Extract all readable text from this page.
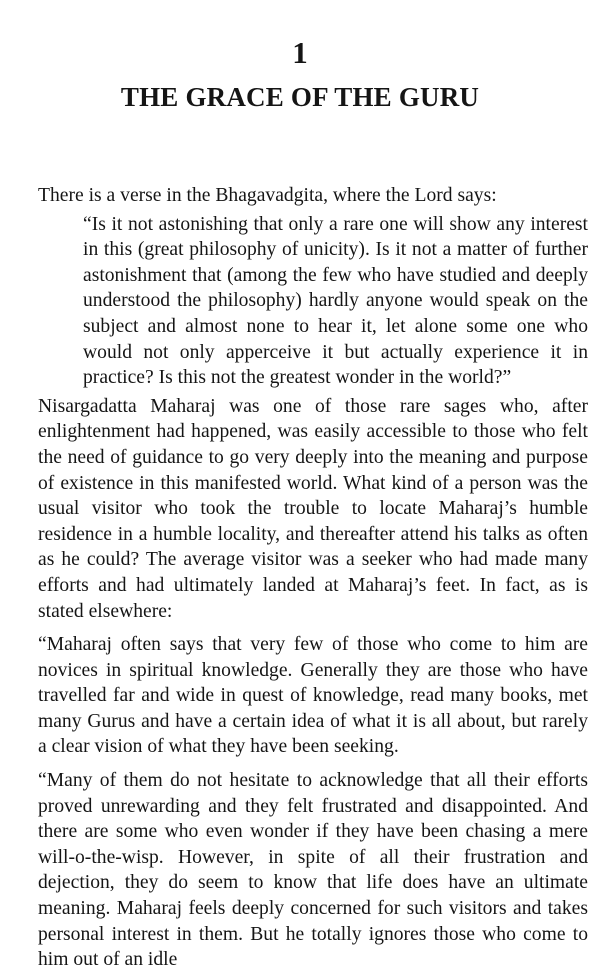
1
THE GRACE OF THE GURU

There is a verse in the Bhagavadgita, where the Lord says:

“Is it not astonishing that only a rare one will show any interest in this (great philosophy of unicity). Is it not a matter of further astonishment that (among the few who have studied and deeply understood the philosophy) hardly anyone would speak on the subject and almost none to hear it, let alone some one who would not only apperceive it but actually experience it in practice? Is this not the greatest wonder in the world?”

Nisargadatta Maharaj was one of those rare sages who, after enlightenment had happened, was easily accessible to those who felt the need of guidance to go very deeply into the meaning and purpose of existence in this manifested world. What kind of a person was the usual visitor who took the trouble to locate Maharaj’s humble residence in a humble locality, and thereafter attend his talks as often as he could? The average visitor was a seeker who had made many efforts and had ultimately landed at Maharaj’s feet. In fact, as is stated elsewhere:

“Maharaj often says that very few of those who come to him are novices in spiritual knowledge. Generally they are those who have travelled far and wide in quest of knowledge, read many books, met many Gurus and have a certain idea of what it is all about, but rarely a clear vision of what they have been seeking.

“Many of them do not hesitate to acknowledge that all their efforts proved unrewarding and they felt frustrated and disappointed. And there are some who even wonder if they have been chasing a mere will-o-the-wisp. However, in spite of all their frustration and dejection, they do seem to know that life does have an ultimate meaning. Maharaj feels deeply concerned for such visitors and takes personal interest in them. But he totally ignores those who come to him out of an idle
